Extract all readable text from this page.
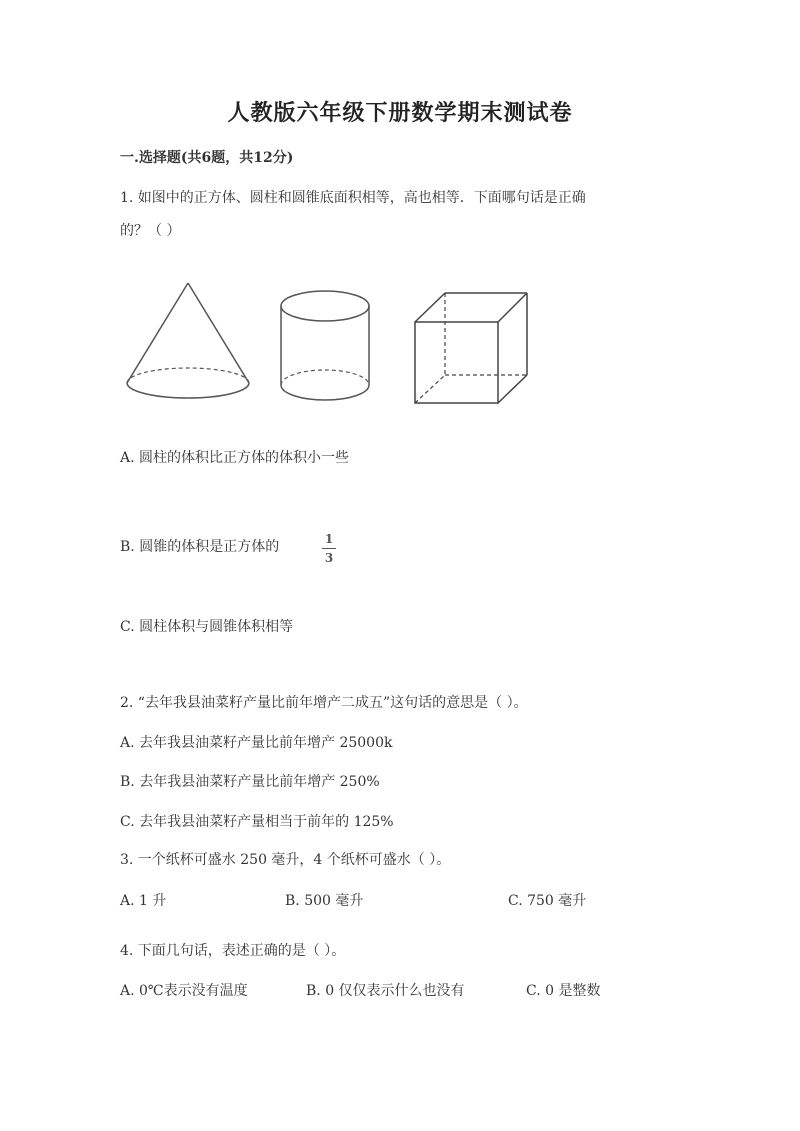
人教版六年级下册数学期末测试卷
一.选择题(共6题，共12分)
1. 如图中的正方体、圆柱和圆锥底面积相等，高也相等．下面哪句话是正确
的？（ ）
A. 圆柱的体积比正方体的体积小一些
B. 圆锥的体积是正方体的	1
3
C. 圆柱体积与圆锥体积相等
2. “去年我县油菜籽产量比前年增产二成五”这句话的意思是（ ）。
A. 去年我县油菜籽产量比前年增产 25000k
B. 去年我县油菜籽产量比前年增产 250%
C. 去年我县油菜籽产量相当于前年的 125%
3. 一个纸杯可盛水 250 毫升，4 个纸杯可盛水（ ）。
A. 1 升	B. 500 毫升	C. 750 毫升
4. 下面几句话，表述正确的是（ ）。
A. 0℃表示没有温度	B. 0 仅仅表示什么也没有	C. 0 是整数
